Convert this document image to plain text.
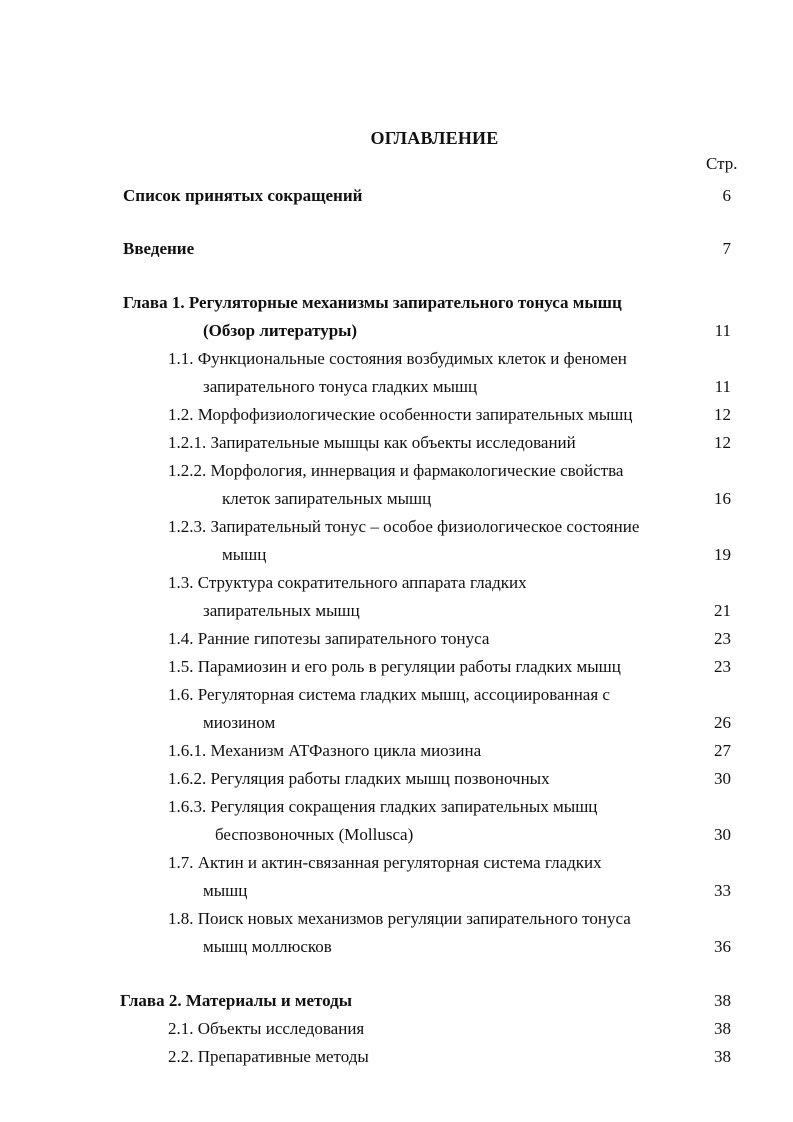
ОГЛАВЛЕНИЕ
Стр.
Список принятых сокращений	6
Введение	7
Глава 1. Регуляторные механизмы запирательного тонуса мышц
(Обзор литературы)	11
1.1. Функциональные состояния возбудимых клеток и феномен
запирательного тонуса гладких мышц	11
1.2. Морфофизиологические особенности запирательных мышц	12
1.2.1. Запирательные мышцы как объекты исследований	12
1.2.2. Морфология, иннервация и фармакологические свойства
клеток запирательных мышц	16
1.2.3. Запирательный тонус – особое физиологическое состояние
мышц	19
1.3. Структура сократительного аппарата гладких
запирательных мышц	21
1.4. Ранние гипотезы запирательного тонуса	23
1.5. Парамиозин и его роль в регуляции работы гладких мышц	23
1.6. Регуляторная система гладких мышц, ассоциированная с
миозином	26
1.6.1. Механизм АТФазного цикла миозина	27
1.6.2. Регуляция работы гладких мышц позвоночных	30
1.6.3. Регуляция сокращения гладких запирательных мышц
беспозвоночных (Mollusca)	30
1.7. Актин и актин-связанная регуляторная система гладких
мышц	33
1.8. Поиск новых механизмов регуляции запирательного тонуса
мышц моллюсков	36
Глава 2. Материалы и методы	38
2.1. Объекты исследования	38
2.2. Препаративные методы	38
